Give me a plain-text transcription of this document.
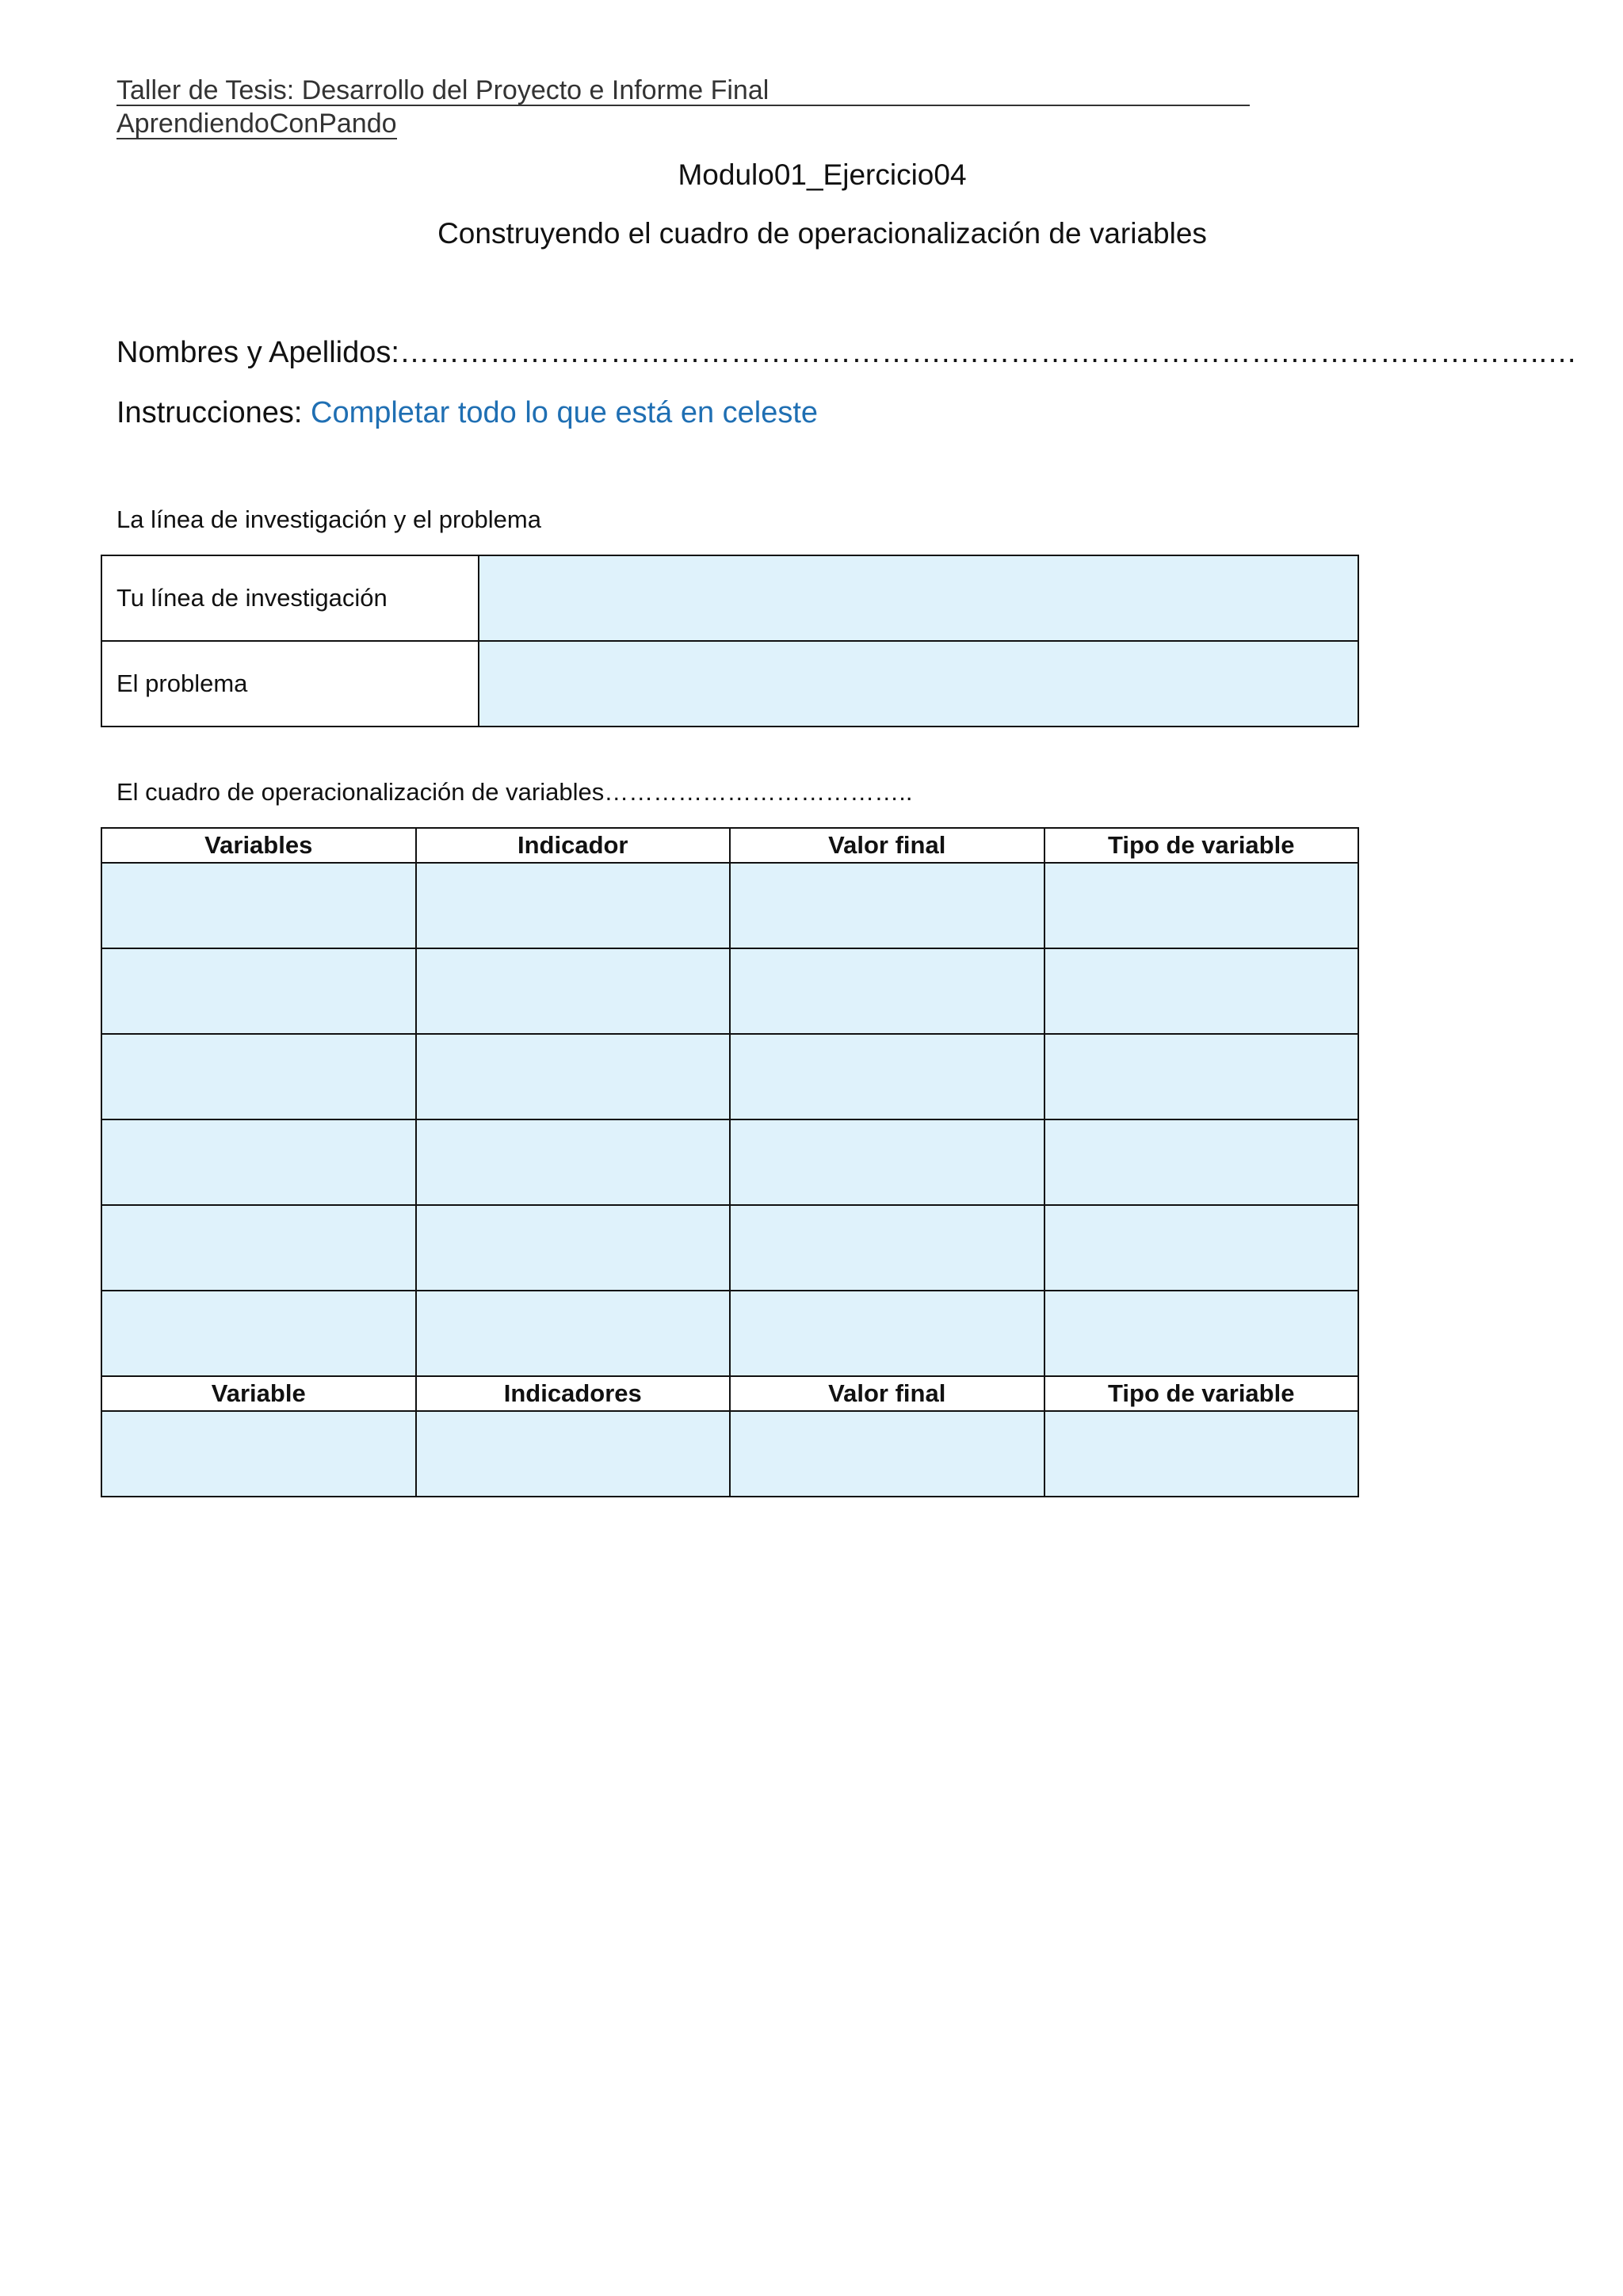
Taller de Tesis: Desarrollo del Proyecto e Informe Final
AprendiendoConPando
Modulo01_Ejercicio04
Construyendo el cuadro de operacionalización de variables
Nombres y Apellidos:……………………………………………….…………………………….……………………..…
Instrucciones: Completar todo lo que está en celeste
La línea de investigación y el problema
Tu línea de investigación	
El problema	
El cuadro de operacionalización de variables………………………………..
Variables	Indicador	Valor final	Tipo de variable

Variable	Indicadores	Valor final	Tipo de variable
